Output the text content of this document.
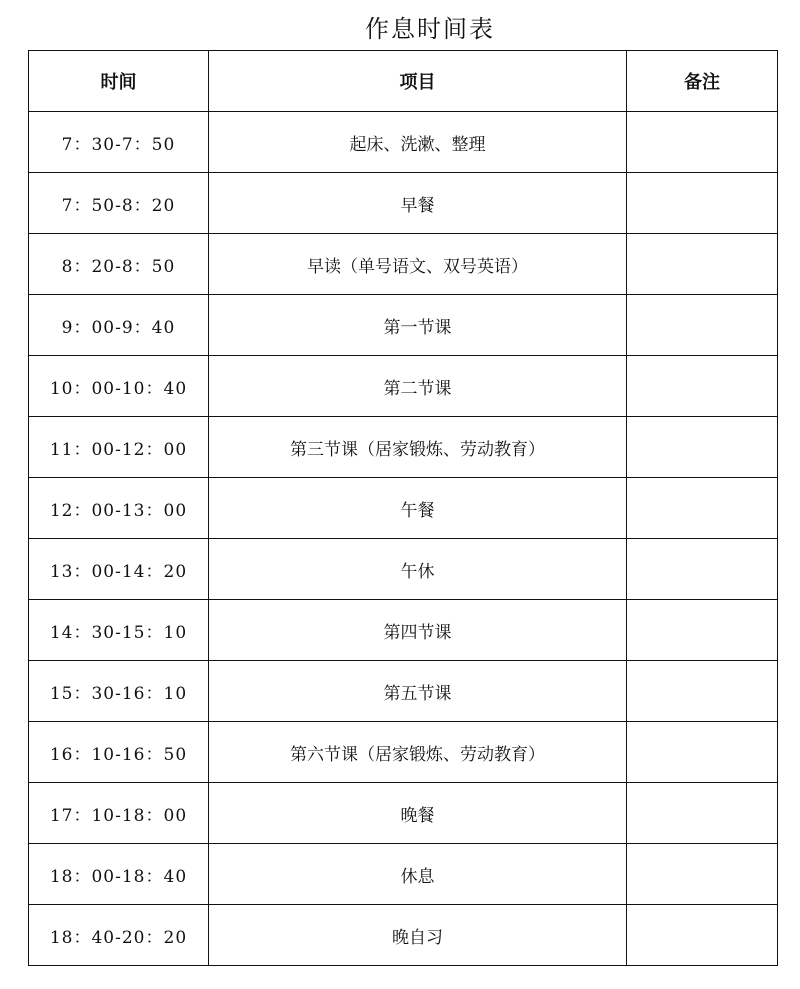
作息时间表
时间	项目	备注
7：30-7：50	起床、洗漱、整理	
7：50-8：20	早餐	
8：20-8：50	早读（单号语文、双号英语）	
9：00-9：40	第一节课	
10：00-10：40	第二节课	
11：00-12：00	第三节课（居家锻炼、劳动教育）	
12：00-13：00	午餐	
13：00-14：20	午休	
14：30-15：10	第四节课	
15：30-16：10	第五节课	
16：10-16：50	第六节课（居家锻炼、劳动教育）	
17：10-18：00	晚餐	
18：00-18：40	休息	
18：40-20：20	晚自习	
